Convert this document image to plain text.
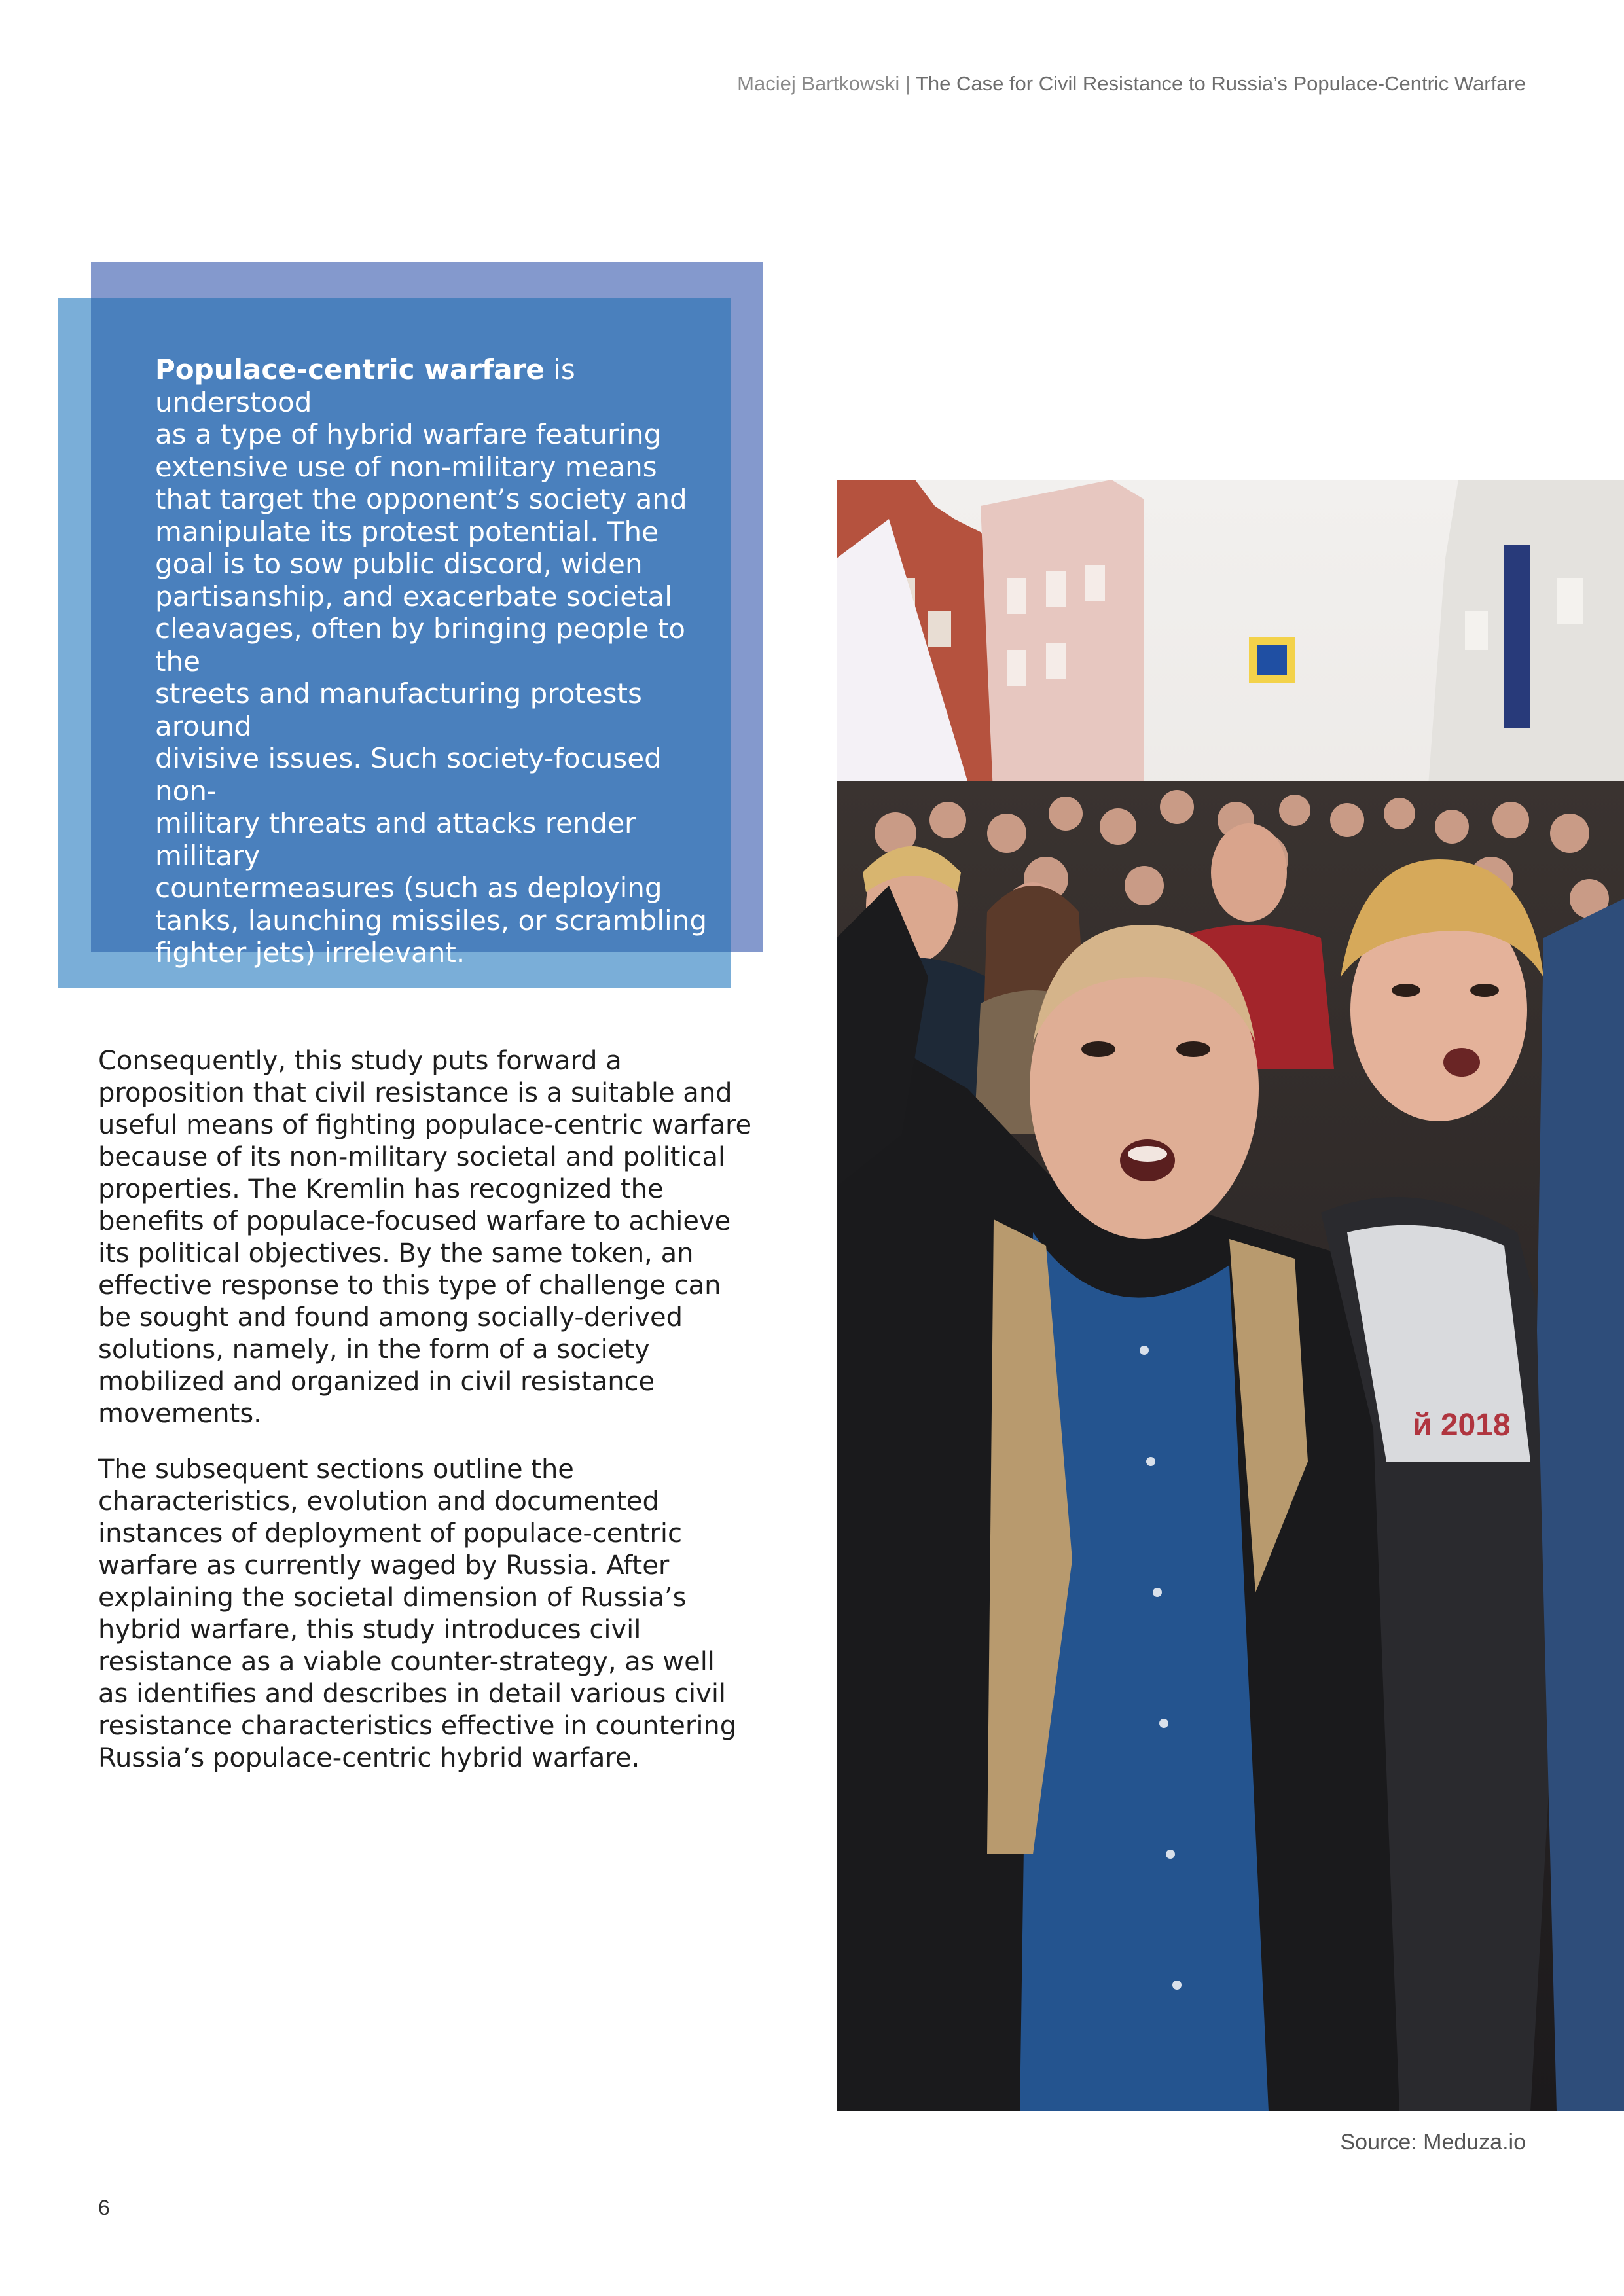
Maciej Bartkowski | The Case for Civil Resistance to Russia’s Populace-Centric Warfare
Populace-centric warfare is understood
as a type of hybrid warfare featuring
extensive use of non-military means
that target the opponent’s society and
manipulate its protest potential. The
goal is to sow public discord, widen
partisanship, and exacerbate societal
cleavages, often by bringing people to the
streets and manufacturing protests around
divisive issues. Such society-focused non-
military threats and attacks render military
countermeasures (such as deploying
tanks, launching missiles, or scrambling
fighter jets) irrelevant.
Consequently, this study puts forward a
proposition that civil resistance is a suitable and
useful means of fighting populace-centric warfare
because of its non-military societal and political
properties. The Kremlin has recognized the
benefits of populace-focused warfare to achieve
its political objectives. By the same token, an
effective response to this type of challenge can
be sought and found among socially-derived
solutions, namely, in the form of a society
mobilized and organized in civil resistance
movements.
The subsequent sections outline the
characteristics, evolution and documented
instances of deployment of populace-centric
warfare as currently waged by Russia. After
explaining the societal dimension of Russia’s
hybrid warfare, this study introduces civil
resistance as a viable counter-strategy, as well
as identifies and describes in detail various civil
resistance characteristics effective in countering
Russia’s populace-centric hybrid warfare.
й 2018
Source: Meduza.io
6
